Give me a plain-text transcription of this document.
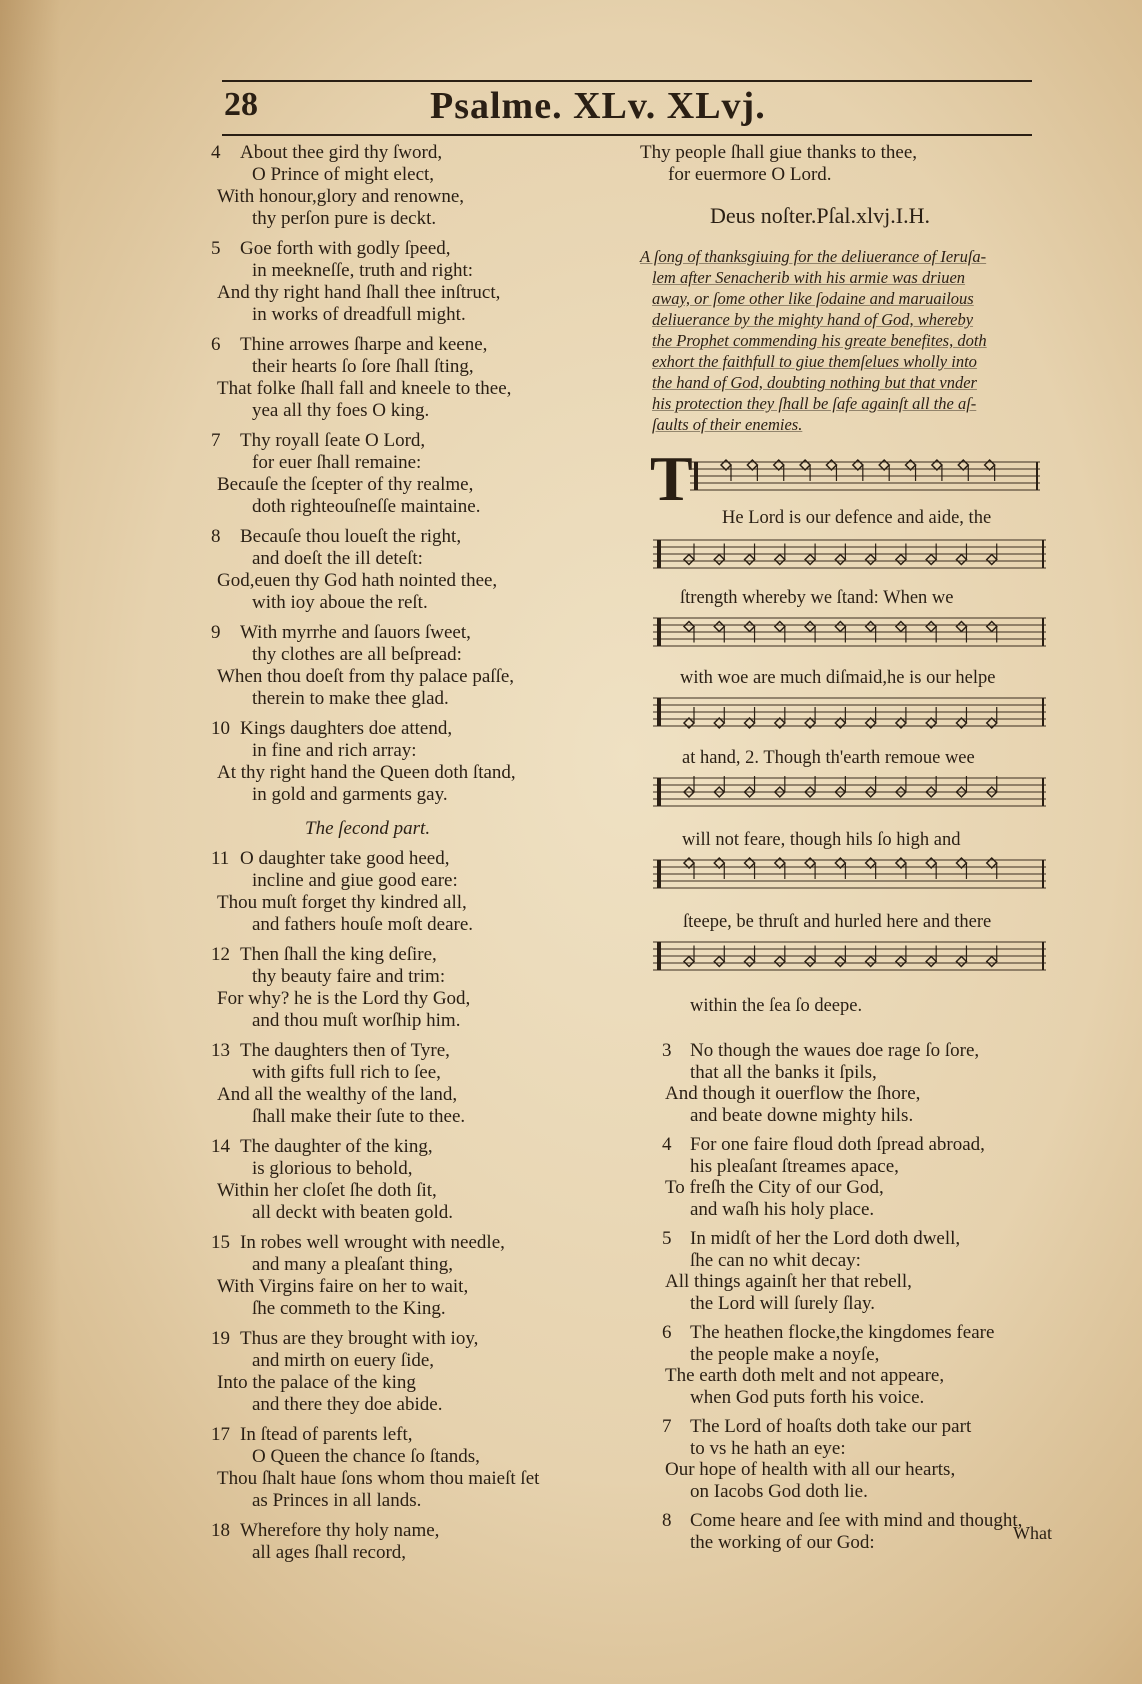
28	Psalme. XLv. XLvj.
4 About thee gird thy ſword,
O Prince of might elect,
With honour,glory and renowne,
thy perſon pure is deckt.
5 Goe forth with godly ſpeed,
in meekneſſe, truth and right:
And thy right hand ſhall thee inſtruct,
in works of dreadfull might.
6 Thine arrowes ſharpe and keene,
their hearts ſo ſore ſhall ſting,
That folke ſhall fall and kneele to thee,
yea all thy foes O king.
7 Thy royall ſeate O Lord,
for euer ſhall remaine:
Becauſe the ſcepter of thy realme,
doth righteouſneſſe maintaine.
8 Becauſe thou loueſt the right,
and doeſt the ill deteſt:
God,euen thy God hath nointed thee,
with ioy aboue the reſt.
9 With myrrhe and ſauors ſweet,
thy clothes are all beſpread:
When thou doeſt from thy palace paſſe,
therein to make thee glad.
10 Kings daughters doe attend,
in fine and rich array:
At thy right hand the Queen doth ſtand,
in gold and garments gay.
The ſecond part.
11 O daughter take good heed,
incline and giue good eare:
Thou muſt forget thy kindred all,
and fathers houſe moſt deare.
12 Then ſhall the king deſire,
thy beauty faire and trim:
For why? he is the Lord thy God,
and thou muſt worſhip him.
13 The daughters then of Tyre,
with gifts full rich to ſee,
And all the wealthy of the land,
ſhall make their ſute to thee.
14 The daughter of the king,
is glorious to behold,
Within her cloſet ſhe doth ſit,
all deckt with beaten gold.
15 In robes well wrought with needle,
and many a pleaſant thing,
With Virgins faire on her to wait,
ſhe commeth to the King.
19 Thus are they brought with ioy,
and mirth on euery ſide,
Into the palace of the king
and there they doe abide.
17 In ſtead of parents left,
O Queen the chance ſo ſtands,
Thou ſhalt haue ſons whom thou maieſt ſet
as Princes in all lands.
18 Wherefore thy holy name,
all ages ſhall record,
Thy people ſhall giue thanks to thee,
for euermore O Lord.
Deus noſter.Pſal.xlvj.I.H.
A ſong of thanksgiuing for the deliuerance of Ieruſa-
lem after Senacherib with his armie was driuen
away, or ſome other like ſodaine and maruailous
deliuerance by the mighty hand of God, whereby
the Prophet commending his greate benefites, doth
exhort the faithfull to giue themſelues wholly into
the hand of God, doubting nothing but that vnder
his protection they ſhall be ſafe againſt all the aſ-
ſaults of their enemies.
T
He Lord is our defence and aide, the
ſtrength whereby we ſtand: When we
with woe are much diſmaid,he is our helpe
at hand, 2. Though th'earth remoue wee
will not feare, though hils ſo high and
ſteepe, be thruſt and hurled here and there
within the ſea ſo deepe.
3 No though the waues doe rage ſo ſore,
that all the banks it ſpils,
And though it ouerflow the ſhore,
and beate downe mighty hils.
4 For one faire floud doth ſpread abroad,
his pleaſant ſtreames apace,
To freſh the City of our God,
and waſh his holy place.
5 In midſt of her the Lord doth dwell,
ſhe can no whit decay:
All things againſt her that rebell,
the Lord will ſurely ſlay.
6 The heathen flocke,the kingdomes feare
the people make a noyſe,
The earth doth melt and not appeare,
when God puts forth his voice.
7 The Lord of hoaſts doth take our part
to vs he hath an eye:
Our hope of health with all our hearts,
on Iacobs God doth lie.
8 Come heare and ſee with mind and thought,
the working of our God:	What
